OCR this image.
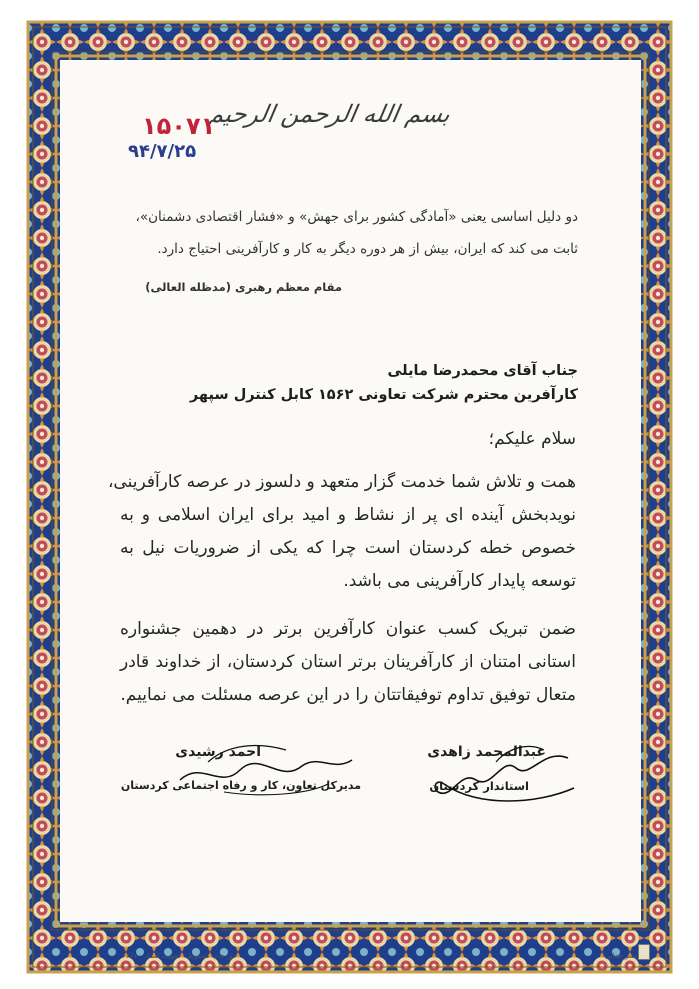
بسم الله الرحمن الرحيم
۱۵۰۷۱
۹۴/۷/۲۵
دو دلیل اساسی یعنی «آمادگی کشور برای جهش» و «فشار اقتصادی دشمنان»،
ثابت می کند که ایران، بیش از هر دوره دیگر به کار و کارآفرینی احتیاج دارد.
مقام معظم رهبری (مدظله العالی)
جناب آقای محمدرضا مایلی
کارآفرین محترم شرکت تعاونی ۱۵۶۲ کابل کنترل سپهر
سلام علیکم؛
همت و تلاش شما خدمت گزار متعهد و دلسوز در عرصه کارآفرینی،
نویدبخش آینده ای پر از نشاط و امید برای ایران اسلامی و به
خصوص خطه کردستان است چرا که یکی از ضروریات نیل به
توسعه پایدار کارآفرینی می باشد.
ضمن تبریک کسب عنوان کارآفرین برتر در دهمین جشنواره
استانی امتنان از کارآفرینان برتر استان کردستان، از خداوند قادر
متعال توفیق تداوم توفیقاتتان را در این عرصه مسئلت می نماییم.
عبدالمحمد زاهدی
استاندار کردستان
احمد رشیدی
مدیرکل تعاون، کار و رفاه اجتماعی کردستان
حق چاپ محفوظ - تجهیب اسناد - ۶۶۷	نشر حقانی
